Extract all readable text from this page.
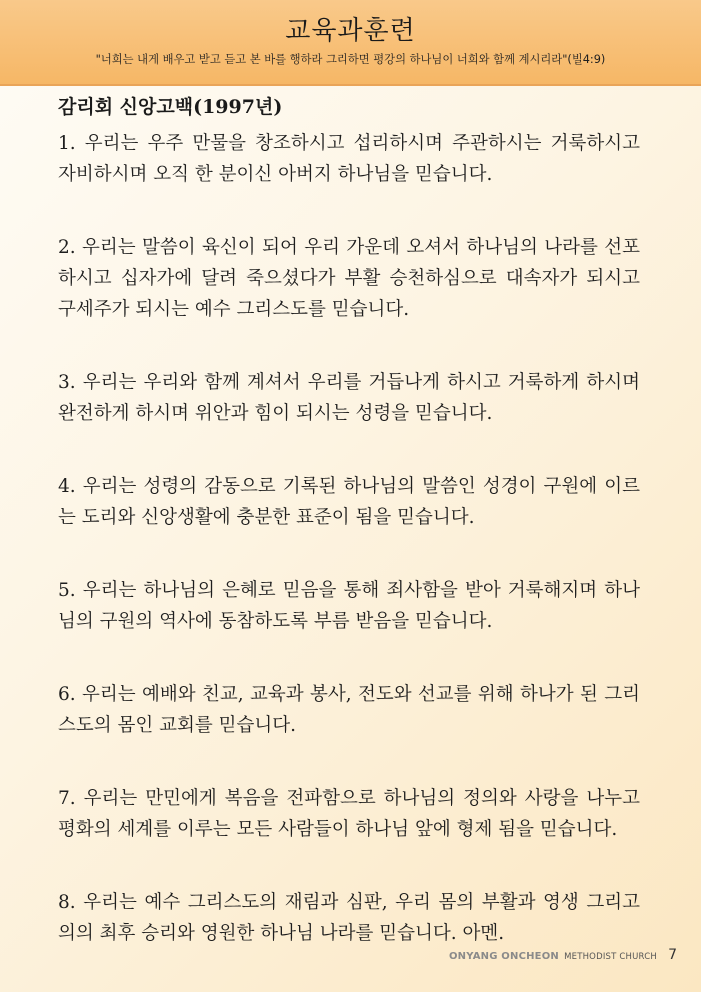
교육과훈련
"너희는 내게 배우고 받고 듣고 본 바를 행하라 그리하면 평강의 하나님이 너희와 함께 계시리라"(빌4:9)
감리회 신앙고백(1997년)

1. 우리는 우주 만물을 창조하시고 섭리하시며 주관하시는 거룩하시고 자비하시며 오직 한 분이신 아버지 하나님을 믿습니다.

2. 우리는 말씀이 육신이 되어 우리 가운데 오셔서 하나님의 나라를 선포하시고 십자가에 달려 죽으셨다가 부활 승천하심으로 대속자가 되시고 구세주가 되시는 예수 그리스도를 믿습니다.

3. 우리는 우리와 함께 계셔서 우리를 거듭나게 하시고 거룩하게 하시며 완전하게 하시며 위안과 힘이 되시는 성령을 믿습니다.

4. 우리는 성령의 감동으로 기록된 하나님의 말씀인 성경이 구원에 이르는 도리와 신앙생활에 충분한 표준이 됨을 믿습니다.

5. 우리는 하나님의 은혜로 믿음을 통해 죄사함을 받아 거룩해지며 하나님의 구원의 역사에 동참하도록 부름 받음을 믿습니다.

6. 우리는 예배와 친교, 교육과 봉사, 전도와 선교를 위해 하나가 된 그리스도의 몸인 교회를 믿습니다.

7. 우리는 만민에게 복음을 전파함으로 하나님의 정의와 사랑을 나누고 평화의 세계를 이루는 모든 사람들이 하나님 앞에 형제 됨을 믿습니다.

8. 우리는 예수 그리스도의 재림과 심판, 우리 몸의 부활과 영생 그리고 의의 최후 승리와 영원한 하나님 나라를 믿습니다. 아멘.

ONYANG ONCHEON METHODIST CHURCH 7
